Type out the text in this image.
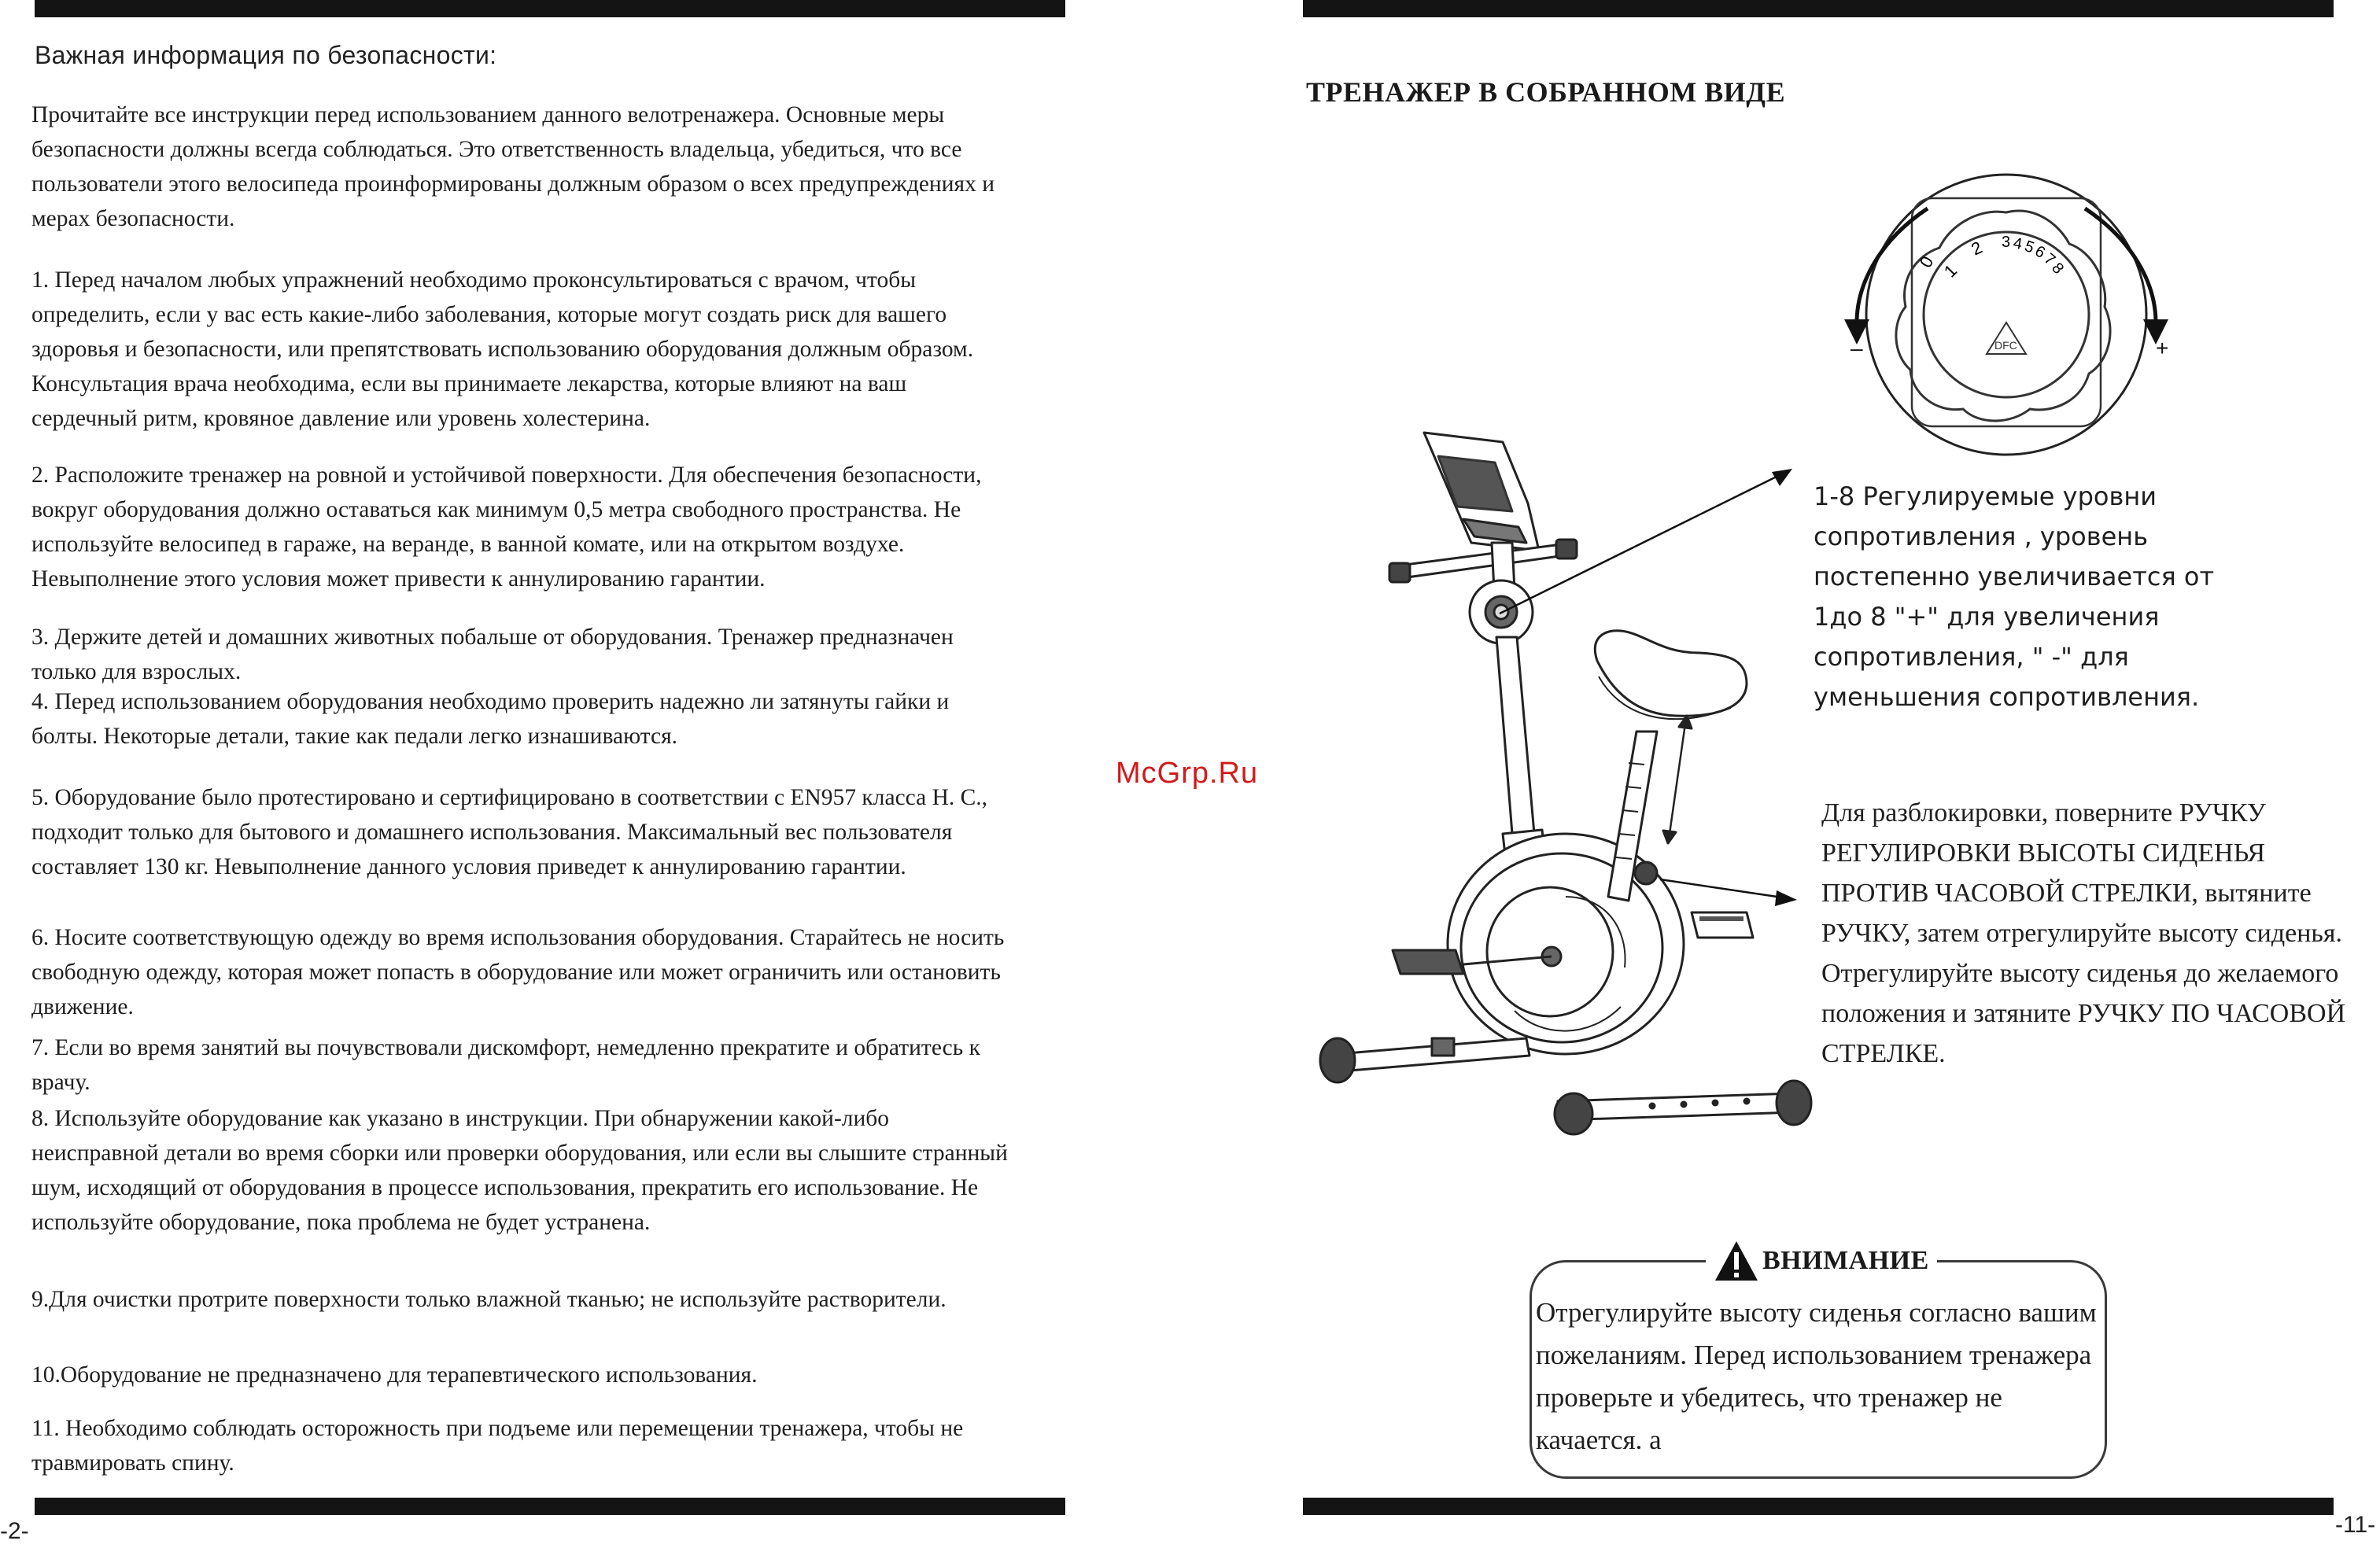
Важная информация по безопасности:
Прочитайте все инструкции перед использованием данного велотренажера. Основные меры безопасности должны всегда соблюдаться. Это ответственность владельца, убедиться, что все пользователи этого велосипеда проинформированы должным образом о всех предупреждениях и мерах безопасности.
1. Перед началом любых упражнений необходимо проконсультироваться с врачом, чтобы определить, если у вас есть какие-либо заболевания, которые могут создать риск для вашего здоровья и безопасности, или препятствовать использованию оборудования должным образом. Консультация врача необходима, если вы принимаете лекарства, которые влияют на ваш сердечный ритм, кровяное давление или уровень холестерина.
2. Расположите тренажер на ровной и устойчивой поверхности. Для обеспечения безопасности, вокруг оборудования должно оставаться как минимум 0,5 метра свободного пространства. Не используйте велосипед в гараже, на веранде, в ванной комате, или на открытом воздухе. Невыполнение этого условия может привести к аннулированию гарантии.
3. Держите детей и домашних животных побальше от оборудования. Тренажер предназначен только для взрослых.
4. Перед использованием оборудования необходимо проверить надежно ли затянуты гайки и болты. Некоторые детали, такие как педали легко изнашиваются.
5. Оборудование было протестировано и сертифицировано в соответствии с EN957 класса H. C., подходит только для бытового и домашнего использования. Максимальный вес пользователя составляет 130 кг. Невыполнение данного условия приведет к аннулированию гарантии.
6. Носите соответствующую одежду во время использования оборудования. Старайтесь не носить свободную одежду, которая может попасть в оборудование или может ограничить или остановить движение.
7. Если во время занятий вы почувствовали дискомфорт, немедленно прекратите и обратитесь к врачу.
8. Используйте оборудование как указано в инструкции. При обнаружении какой-либо неисправной детали во время сборки или проверки оборудования, или если вы слышите странный шум, исходящий от оборудования в процессе использования, прекратить его использование. Не используйте оборудование, пока проблема не будет устранена.
9.Для очистки протрите поверхности только влажной тканью; не используйте растворители.
10.Оборудование не предназначено для терапевтического использования.
11. Необходимо соблюдать осторожность при подъеме или перемещении тренажера, чтобы не травмировать спину.
-2-
McGrp.Ru
ТРЕНАЖЕР В СОБРАННОМ ВИДЕ
0 1
2 3 4
5
6
7
8
DFC
–	+
1-8 Регулируемые уровни сопротивления , уровень постепенно увеличивается от 1до 8 "+" для увеличения сопротивления, " -" для уменьшения сопротивления.
Для разблокировки, поверните РУЧКУ РЕГУЛИРОВКИ ВЫСОТЫ СИДЕНЬЯ ПРОТИВ ЧАСОВОЙ СТРЕЛКИ, вытяните РУЧКУ, затем отрегулируйте высоту сиденья. Отрегулируйте высоту сиденья до желаемого положения и затяните РУЧКУ ПО ЧАСОВОЙ СТРЕЛКЕ.
ВНИМАНИЕ
Отрегулируйте высоту сиденья согласно вашим пожеланиям. Перед использованием тренажера проверьте и убедитесь, что тренажер не качается. а
-11-
